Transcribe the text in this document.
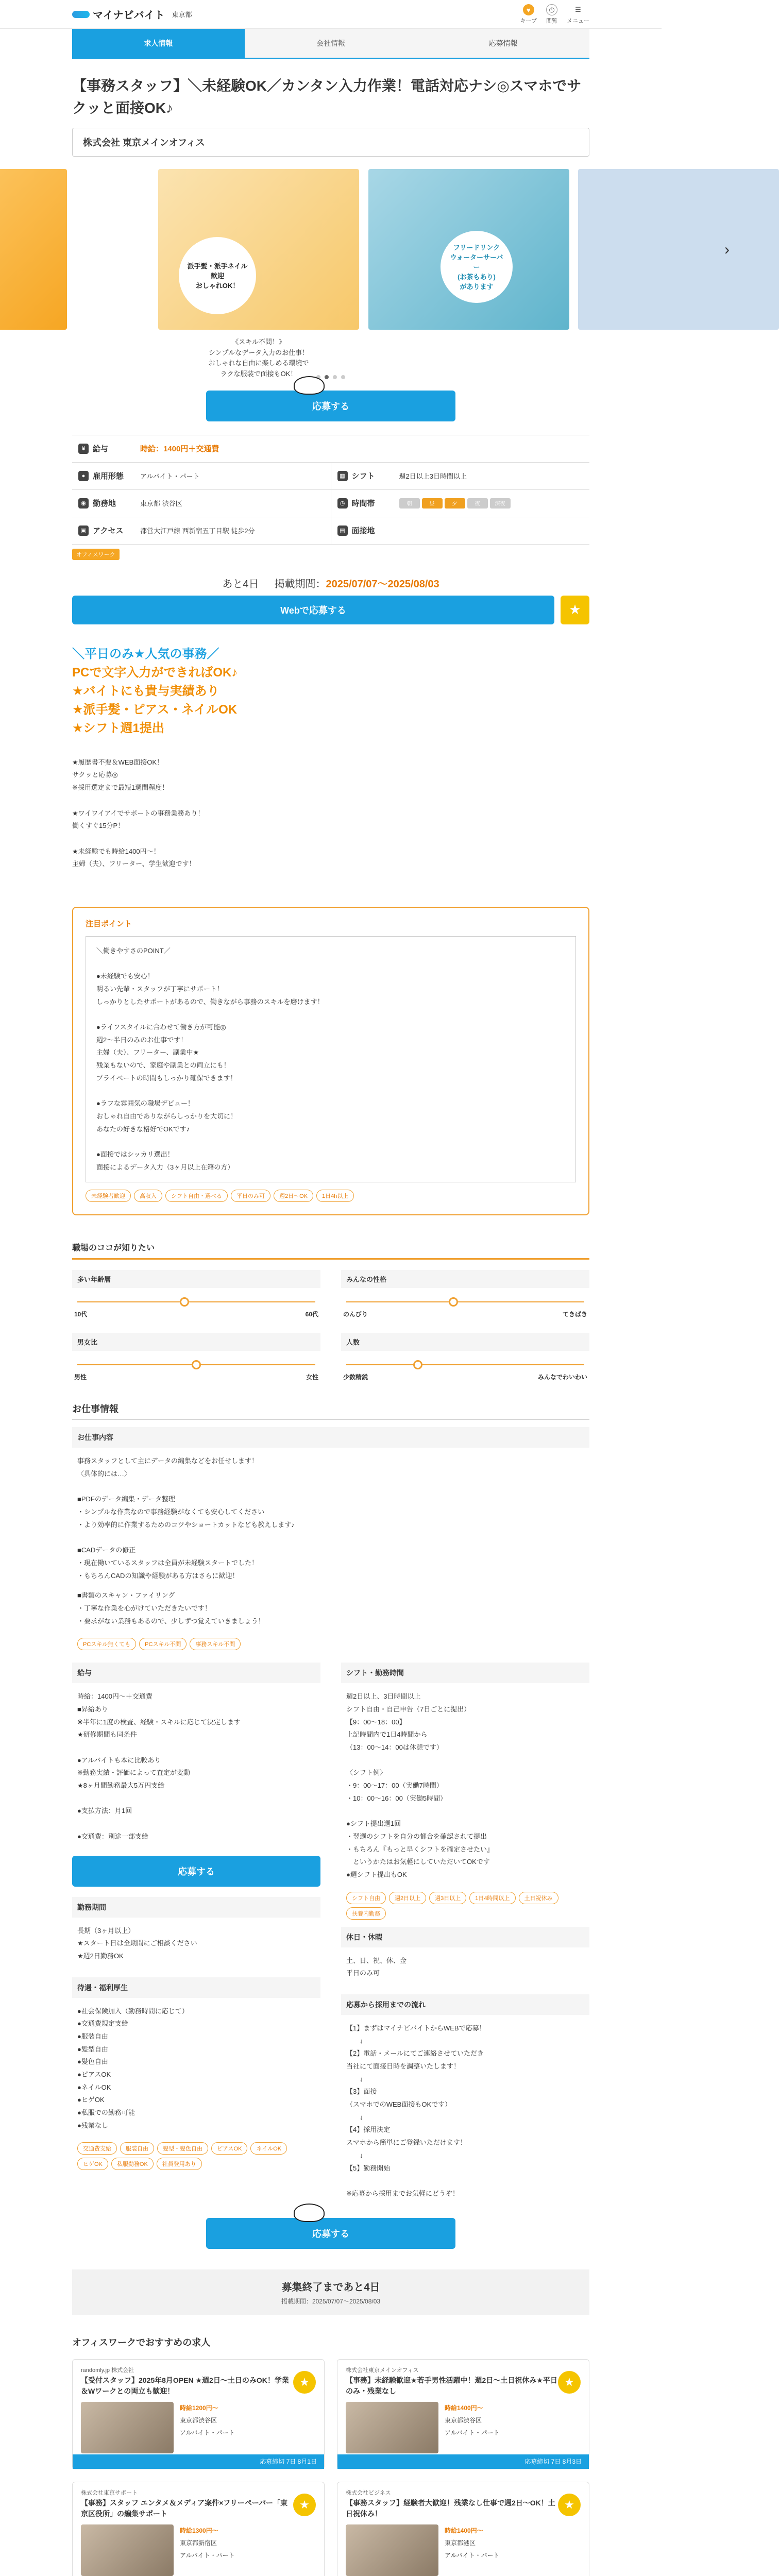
マイナビバイト 東京都
♥
キープ
◷
閲覧
☰
メニュー
求人情報	会社情報	応募情報
【事務スタッフ】＼未経験OK／カンタン入力作業！電話対応ナシ◎スマホでサクッと面接OK♪
株式会社 東京メインオフィス
派手髪・派手ネイル歓迎
おしゃれOK！
《スキル不問！》
シンプルなデータ入力のお仕事！
おしゃれな自由に楽しめる環境で
ラクな服装で面接もOK！
フリードリンク
ウォーターサーバー
(お茶もあり)
があります
›
応募する
¥ 給与	時給：1400円＋交通費
● 雇用形態 アルバイト・パート	▦ シフト	週2日以上3日時間以上
◉ 勤務地	東京都 渋谷区	◷ 時間帯	朝	昼	夕	夜	深夜
▣ アクセス 都営大江戸線 西新宿五丁目駅 徒歩2分	▤ 面接地
オフィスワーク
あと4日 掲載期間：2025/07/07〜2025/08/03
Webで応募する	★
＼平日のみ★人気の事務／
PCで文字入力ができればOK♪
★バイトにも貴与実績あり
★派手髪・ピアス・ネイルOK
★シフト週1提出
★履歴書不要＆WEB面接OK！
サクッと応募◎
※採用選定まで最短1週間程度！

★ワイワイアイでサポートの事務業務あり！
働くすぐ15分P！

★未経験でも時給1400円〜！
主婦（夫）、フリーター、学生歓迎です！
注目ポイント
＼働きやすさのPOINT／

●未経験でも安心！
明るい先輩・スタッフが丁寧にサポート！
しっかりとしたサポートがあるので、働きながら事務のスキルを磨けます！

●ライフスタイルに合わせて働き方が可能◎
週2〜半日のみのお仕事です！
主婦（夫）、フリーター、副業中★
残業もないので、家庭や副業との両立にも！
プライベートの時間もしっかり確保できます！

●ラフな雰囲気の職場デビュー！
おしゃれ自由でありながらしっかりを大切に！
あなたの好きな格好でOKです♪

●面接ではシッカリ選出！
面接によるデータ入力（3ヶ月以上在籍の方）
未経験者歓迎	高収入	シフト自由・選べる	平日のみ可	週2日〜OK	1日4h以上
職場のココが知りたい
多い年齢層
10代	60代
みんなの性格
のんびり	てきぱき
男女比
男性	女性
人数
少数精鋭	みんなでわいわい
お仕事情報
お仕事内容
事務スタッフとして主にデータの編集などをお任せします！
〈具体的には…〉

■PDFのデータ編集・データ整理
・シンプルな作業なので事務経験がなくても安心してください
・より効率的に作業するためのコツやショートカットなども教えします♪

■CADデータの修正
・現在働いているスタッフは全員が未経験スタートでした！
・もちろんCADの知識や経験がある方はさらに歓迎！
■書類のスキャン・ファイリング
・丁寧な作業を心がけていただきたいです！
・要求がない業務もあるので、少しずつ覚えていきましょう！
PCスキル無くても	PCスキル不問	事務スキル不問
給与
時給：1400円〜＋交通費
■昇給あり
※半年に1度の検査、経験・スキルに応じて決定します
★研修期間も同条件

●アルバイトも本に比較あり
※勤務実績・評価によって査定が変動
★8ヶ月間勤務最大5万円支給

●支払方法：月1回

●交通費：別途一部支給
応募する
勤務期間
長期（3ヶ月以上）
★スタート日は全期間にご相談ください
★週2日勤務OK
待遇・福利厚生
●社会保険加入（勤務時間に応じて）
●交通費規定支給
●服装自由
●髪型自由
●髪色自由
●ピアスOK
●ネイルOK
●ヒゲOK
●私服での勤務可能
●残業なし
交通費支給	服装自由	髪型・髪色自由	ピアスOK	ネイルOK
ヒゲOK	私服勤務OK	社員登用あり
シフト・勤務時間
週2日以上、3日時間以上
シフト自由・自己申告（7日ごとに提出）
【9：00〜18：00】
上記時間内で1日4時間から
（13：00〜14：00は休憩です）

〈シフト例〉
・9：00〜17：00（実働7時間）
・10：00〜16：00（実働5時間）

●シフト提出週1回
・翌週のシフトを自分の都合を確認されて提出
・もちろん『もっと早くシフトを確定させたい』
　というかたはお気軽にしていただいてOKです
●週シフト提出もOK
シフト自由	週2日以上	週3日以上	1日4時間以上	土日祝休み
扶養内勤務
休日・休暇
土、日、祝、休、金
平日のみ可
応募から採用までの流れ
【1】まずはマイナビバイトからWEBで応募！
　　↓
【2】電話・メールにてご連絡させていただき
当社にて面接日時を調整いたします！
　　↓
【3】面接
（スマホでのWEB面接もOKです）
　　↓
【4】採用決定
スマホから簡単にご登録いただけます！
　　↓
【5】勤務開始

※応募から採用までお気軽にどうぞ！
応募する
募集終了まであと4日
掲載期間：2025/07/07〜2025/08/03
オフィスワークでおすすめの求人
randomly.jp 株式会社
【受付スタッフ】2025年8月OPEN ★週2日〜土日のみOK！学業＆Wワークとの両立も歓迎！
★
時給1200円〜
東京都渋谷区
アルバイト・パート
応募締切 7日 8月1日
株式会社東京メインオフィス
【事務】未経験歓迎★若手男性活躍中！週2日〜土日祝休み★平日のみ・残業なし
★
時給1400円〜
東京都渋谷区
アルバイト・パート
応募締切 7日 8月3日
株式会社東京サポート
【事務】スタッフ エンタメ＆メディア案件×フリーペーパー「東京区役所」の編集サポート
★
時給1300円〜
東京都新宿区
アルバイト・パート
株式会社ビジネス
【事務スタッフ】経験者大歓迎！残業なし仕事で週2日〜OK！土日祝休み！
★
時給1400円〜
東京都港区
アルバイト・パート
